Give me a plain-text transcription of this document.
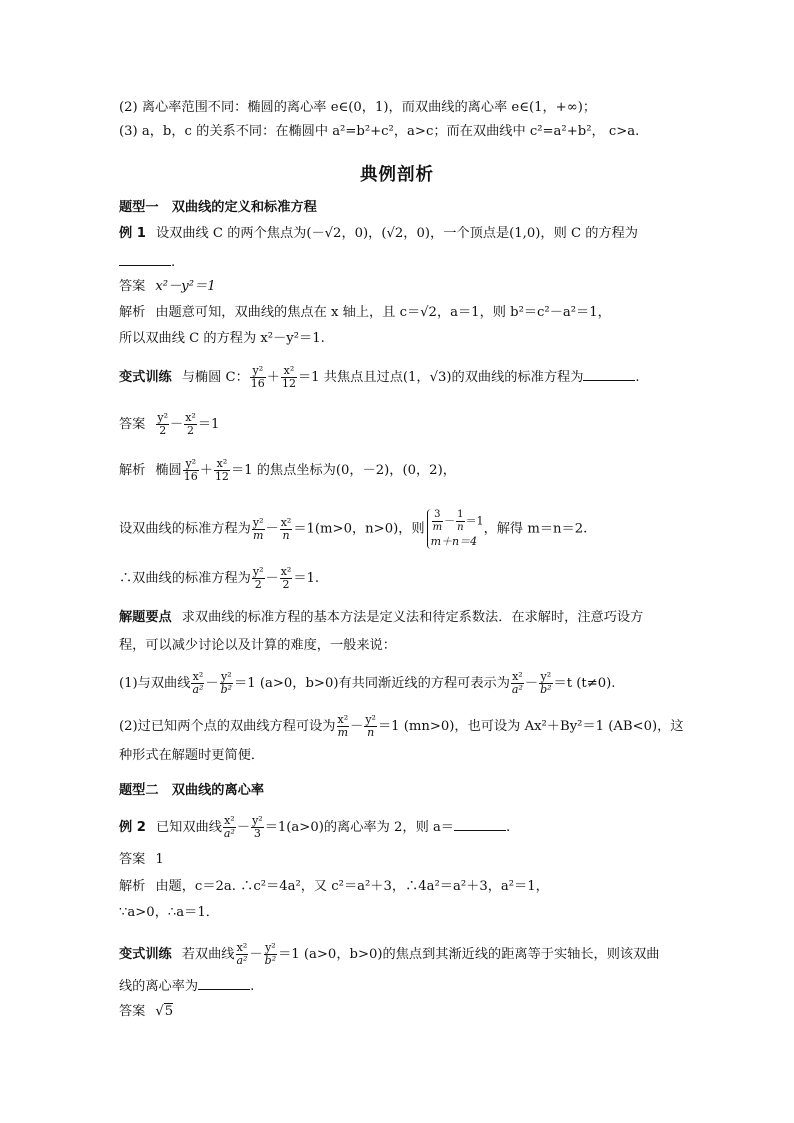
(2) 离心率范围不同：椭圆的离心率 e∈(0，1)，而双曲线的离心率 e∈(1，+∞)；
(3) a，b，c 的关系不同：在椭圆中 a²=b²+c²，a>c；而在双曲线中 c²=a²+b²， c>a.
典例剖析
题型一　双曲线的定义和标准方程
例 1 设双曲线 C 的两个焦点为(－√2，0)，(√2，0)，一个顶点是(1,0)，则 C 的方程为
.
答案 x²－y²＝1
解析 由题意可知，双曲线的焦点在 x 轴上，且 c＝√2，a＝1，则 b²＝c²－a²＝1，
所以双曲线 C 的方程为 x²－y²＝1.
变式训练 与椭圆 C： $\frac{\text{y²}}{16} + \frac{\text{x²}}{12} =1$ 共焦点且过点(1，√3)的双曲线的标准方程为	.
答案 $\frac{\text{y²}}{2} - \frac{\text{x²}}{2} =1$
解析 椭圆 $\frac{\text{y²}}{16} + \frac{\text{x²}}{12} =1$ 的焦点坐标为(0，－2)，(0，2)，
设双曲线的标准方程为 $\frac{\text{y²}}{m} - \frac{\text{x²}}{n} =1(m>0$，n>0)，则 $\frac{3}{m} - \frac{1}{n} =1$
m＋n＝4，解得 m＝n＝2.
∴双曲线的标准方程为 $\frac{\text{y²}}{2} - \frac{\text{x²}}{2} =1$.
解题要点 求双曲线的标准方程的基本方法是定义法和待定系数法．在求解时，注意巧设方
程，可以减少讨论以及计算的难度，一般来说：
(1)与双曲线 $\frac{\text{x²}}{\text{a²}} - \frac{\text{y²}}{\text{b²}} =1$ (a>0，b>0)有共同渐近线的方程可表示为 $\frac{\text{x²}}{\text{a²}} - \frac{\text{y²}}{\text{b²}} =t$ (t≠0).
(2)过已知两个点的双曲线方程可设为 $\frac{\text{x²}}{m} - \frac{\text{y²}}{n} =1$ (mn>0)，也可设为 Ax²＋By²＝1 (AB<0)，这
种形式在解题时更简便．
题型二　双曲线的离心率
例 2 已知双曲线 $\frac{\text{x²}}{\text{a²}} - \frac{\text{y²}}{3} =1(a>0)$的离心率为 2，则 a＝	.
答案 1
解析 由题，c＝2a. ∴c²＝4a²，又 c²＝a²＋3，∴4a²＝a²＋3，a²＝1，
∵a>0，∴a＝1．
变式训练 若双曲线 $\frac{\text{x²}}{\text{a²}} - \frac{\text{y²}}{\text{b²}} =1$ (a>0，b>0)的焦点到其渐近线的距离等于实轴长，则该双曲
线的离心率为	.
答案 √5
